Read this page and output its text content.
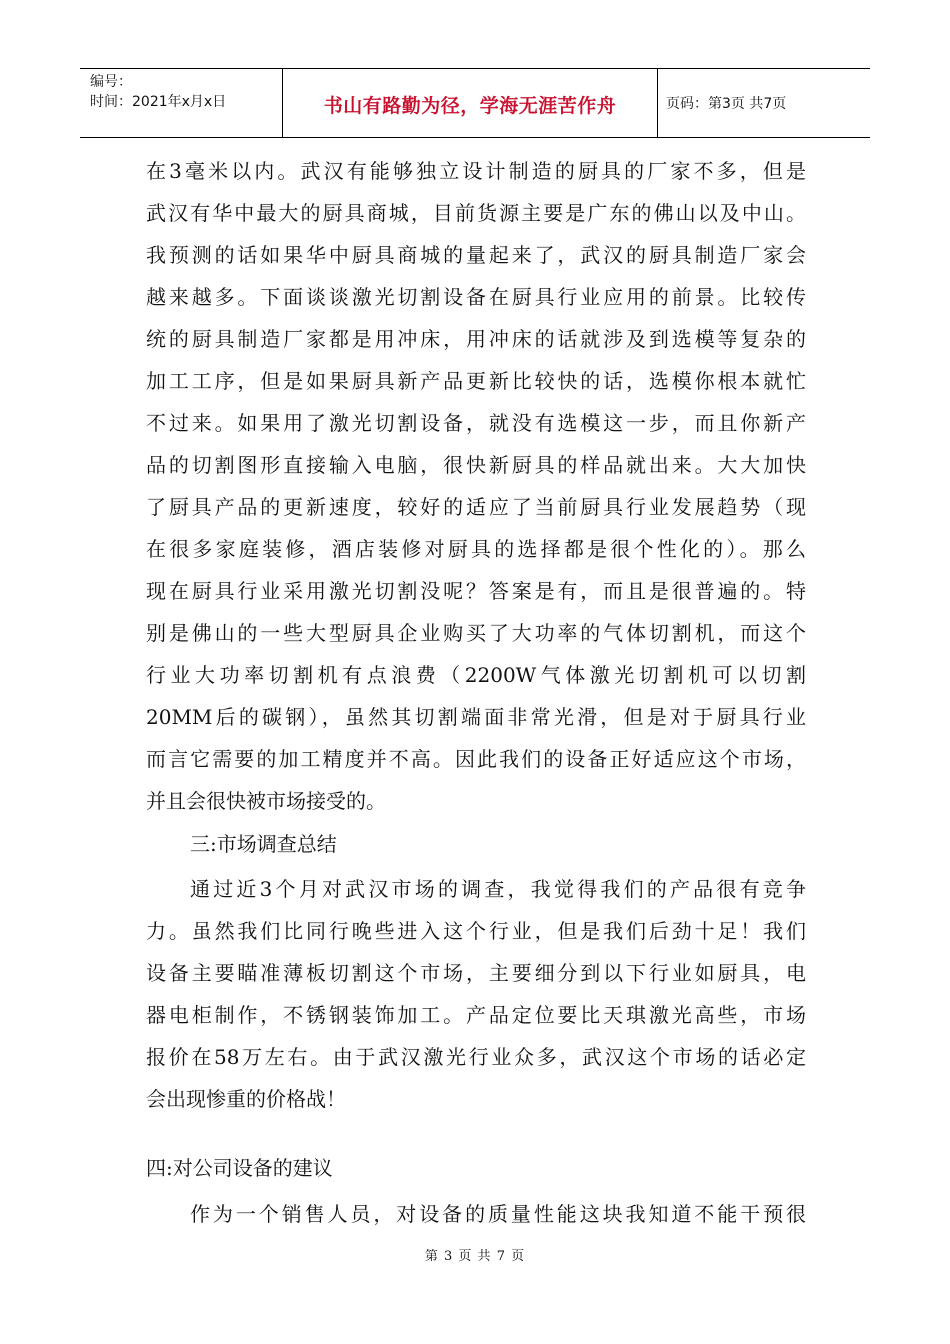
编号：
时间：2021年x月x日	书山有路勤为径，学海无涯苦作舟	页码：第3页 共7页
在3毫米以内。武汉有能够独立设计制造的厨具的厂家不多，但是
武汉有华中最大的厨具商城，目前货源主要是广东的佛山以及中山。
我预测的话如果华中厨具商城的量起来了，武汉的厨具制造厂家会
越来越多。下面谈谈激光切割设备在厨具行业应用的前景。比较传
统的厨具制造厂家都是用冲床，用冲床的话就涉及到选模等复杂的
加工工序，但是如果厨具新产品更新比较快的话，选模你根本就忙
不过来。如果用了激光切割设备，就没有选模这一步，而且你新产
品的切割图形直接输入电脑，很快新厨具的样品就出来。大大加快
了厨具产品的更新速度，较好的适应了当前厨具行业发展趋势（现
在很多家庭装修，酒店装修对厨具的选择都是很个性化的）。那么
现在厨具行业采用激光切割没呢？答案是有，而且是很普遍的。特
别是佛山的一些大型厨具企业购买了大功率的气体切割机，而这个
行业大功率切割机有点浪费（2200W气体激光切割机可以切割
20MM后的碳钢），虽然其切割端面非常光滑，但是对于厨具行业
而言它需要的加工精度并不高。因此我们的设备正好适应这个市场，
并且会很快被市场接受的。
三:市场调查总结
通过近3个月对武汉市场的调查，我觉得我们的产品很有竞争
力。虽然我们比同行晚些进入这个行业，但是我们后劲十足！我们
设备主要瞄准薄板切割这个市场，主要细分到以下行业如厨具，电
器电柜制作，不锈钢装饰加工。产品定位要比天琪激光高些，市场
报价在58万左右。由于武汉激光行业众多，武汉这个市场的话必定
会出现惨重的价格战！
四:对公司设备的建议
作为一个销售人员，对设备的质量性能这块我知道不能干预很
第 3 页 共 7 页
